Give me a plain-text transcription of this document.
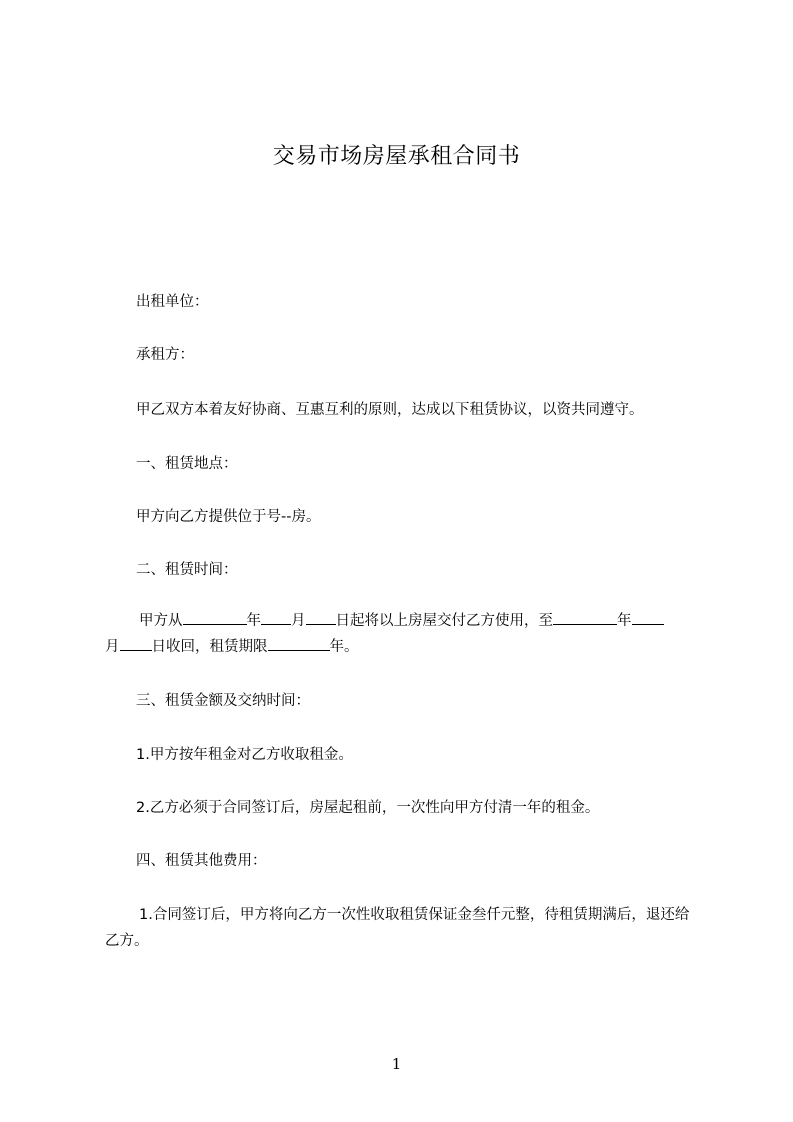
交易市场房屋承租合同书
出租单位：
承租方：
甲乙双方本着友好协商、互惠互利的原则，达成以下租赁协议，以资共同遵守。
一、租赁地点：
甲方向乙方提供位于号--房。
二、租赁时间：
甲方从	年 月 日起将以上房屋交付乙方使用，至	年
月 日收回，租赁期限	年。
三、租赁金额及交纳时间：
1.甲方按年租金对乙方收取租金。
2.乙方必须于合同签订后，房屋起租前，一次性向甲方付清一年的租金。
四、租赁其他费用：
1.合同签订后，甲方将向乙方一次性收取租赁保证金叁仟元整，待租赁期满后，退还给乙方。
1
